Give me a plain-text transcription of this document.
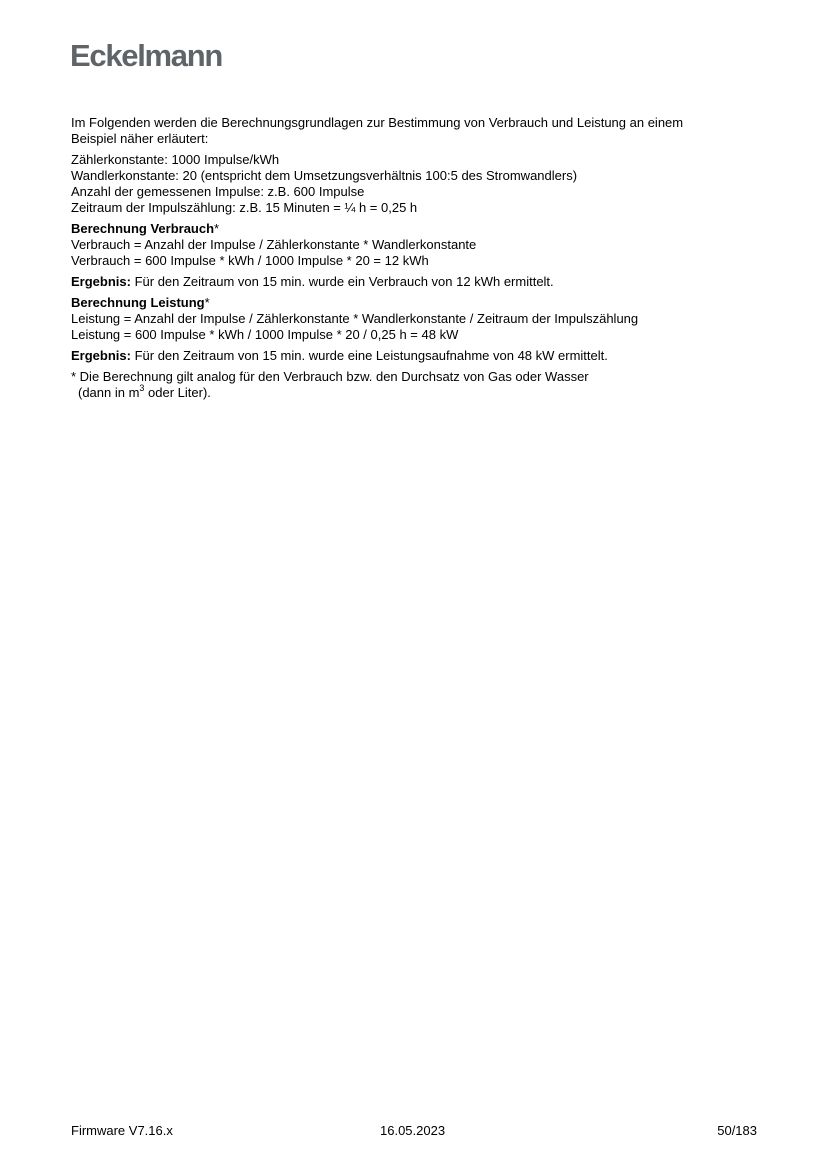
Eckelmann

Im Folgenden werden die Berechnungsgrundlagen zur Bestimmung von Verbrauch und Leistung an einem
Beispiel näher erläutert:

Zählerkonstante: 1000 Impulse/kWh
Wandlerkonstante: 20 (entspricht dem Umsetzungsverhältnis 100:5 des Stromwandlers)
Anzahl der gemessenen Impulse: z.B. 600 Impulse
Zeitraum der Impulszählung: z.B. 15 Minuten = ¼ h = 0,25 h

Berechnung Verbrauch*
Verbrauch = Anzahl der Impulse / Zählerkonstante * Wandlerkonstante
Verbrauch = 600 Impulse * kWh / 1000 Impulse * 20 = 12 kWh

Ergebnis: Für den Zeitraum von 15 min. wurde ein Verbrauch von 12 kWh ermittelt.

Berechnung Leistung*
Leistung = Anzahl der Impulse / Zählerkonstante * Wandlerkonstante / Zeitraum der Impulszählung
Leistung = 600 Impulse * kWh / 1000 Impulse * 20 / 0,25 h = 48 kW

Ergebnis: Für den Zeitraum von 15 min. wurde eine Leistungsaufnahme von 48 kW ermittelt.

* Die Berechnung gilt analog für den Verbrauch bzw. den Durchsatz von Gas oder Wasser
(dann in $m^3$ oder Liter).

Firmware V7.16.x	16.05.2023	50/183
